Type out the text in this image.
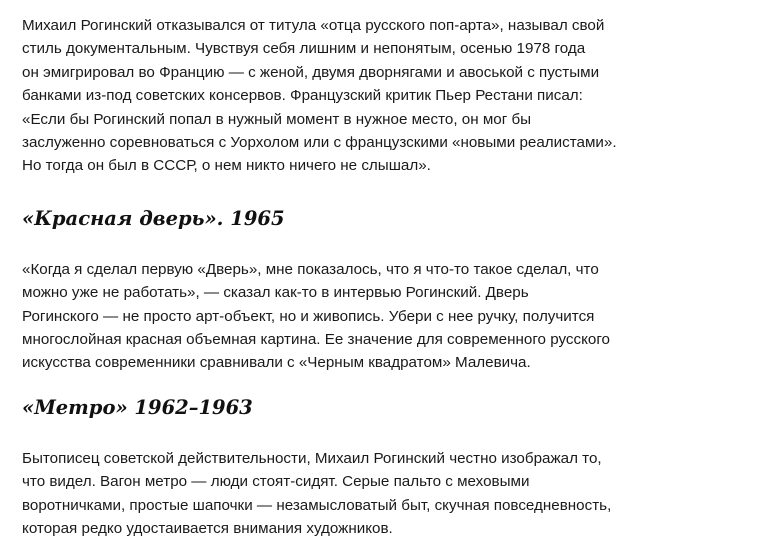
Михаил Рогинский отказывался от титула «отца русского поп-арта», называл свой
стиль документальным. Чувствуя себя лишним и непонятым, осенью 1978 года
он эмигрировал во Францию — с женой, двумя дворнягами и авоськой с пустыми
банками из-под советских консервов. Французский критик Пьер Рестани писал:
«Если бы Рогинский попал в нужный момент в нужное место, он мог бы
заслуженно соревноваться с Уорхолом или с французскими «новыми реалистами».
Но тогда он был в СССР, о нем никто ничего не слышал».

«Красная дверь». 1965

«Когда я сделал первую «Дверь», мне показалось, что я что-то такое сделал, что
можно уже не работать», — сказал как-то в интервью Рогинский. Дверь
Рогинского — не просто арт-объект, но и живопись. Убери с нее ручку, получится
многослойная красная объемная картина. Ее значение для современного русского
искусства современники сравнивали с «Черным квадратом» Малевича.

«Метро» 1962–1963

Бытописец советской действительности, Михаил Рогинский честно изображал то,
что видел. Вагон метро — люди стоят-сидят. Серые пальто с меховыми
воротничками, простые шапочки — незамысловатый быт, скучная повседневность,
которая редко удостаивается внимания художников.
